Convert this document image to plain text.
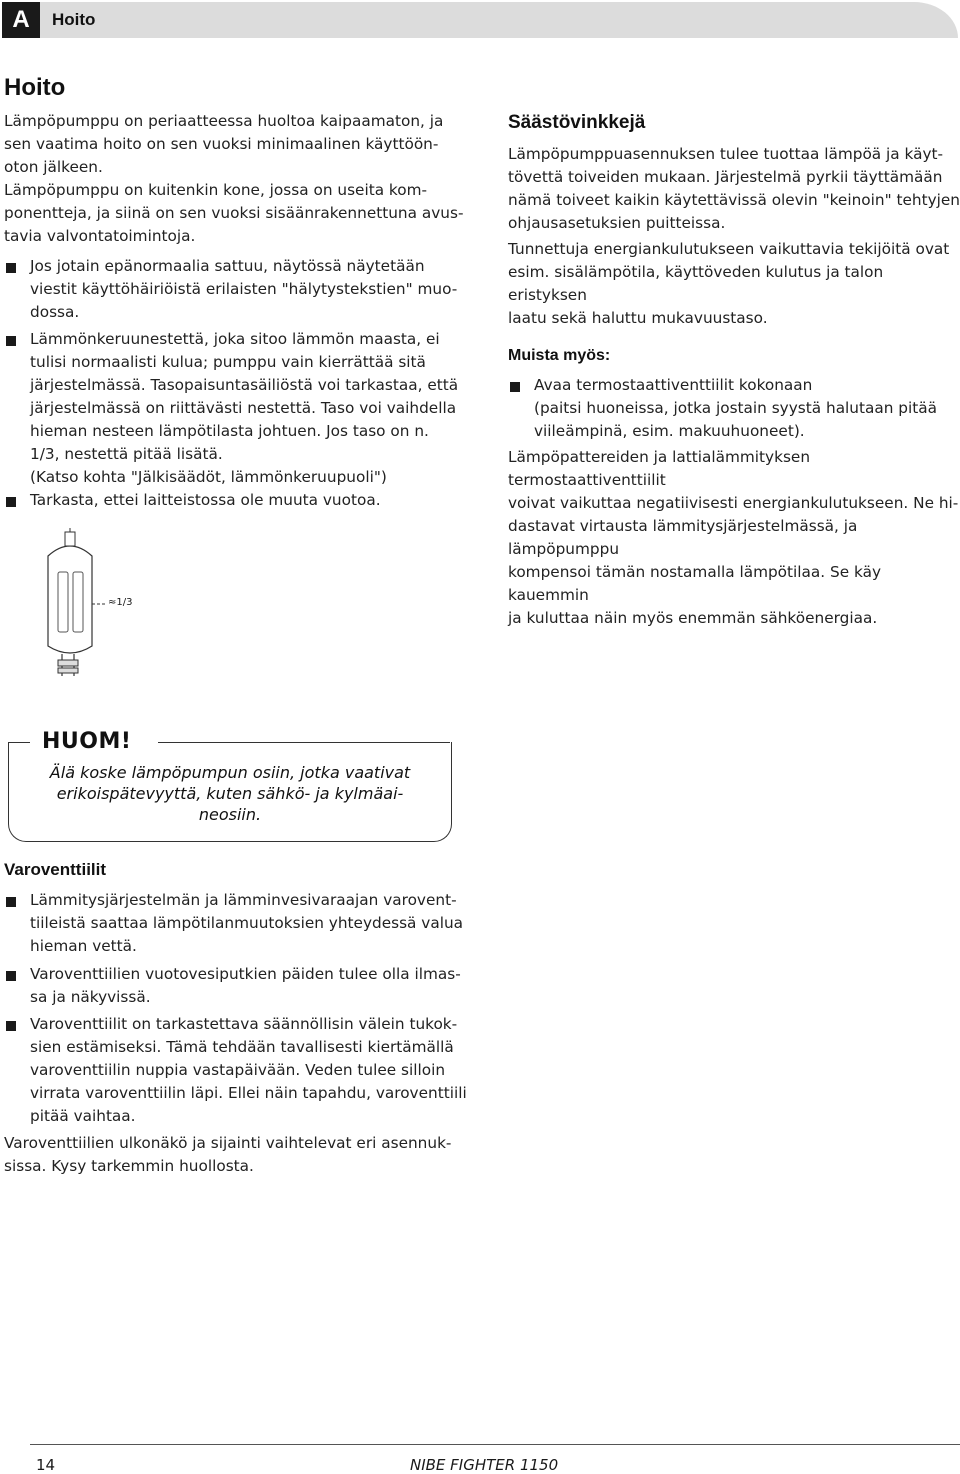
A	Hoito
Hoito
Lämpöpumppu on periaatteessa huoltoa kaipaamaton, ja
sen vaatima hoito on sen vuoksi minimaalinen käyttöön-
oton jälkeen.
Lämpöpumppu on kuitenkin kone, jossa on useita kom-
ponentteja, ja siinä on sen vuoksi sisäänrakennettuna avus-
tavia valvontatoimintoja.
Jos jotain epänormaalia sattuu, näytössä näytetään
viestit käyttöhäiriöistä erilaisten "hälytystekstien" muo-
dossa.
Lämmönkeruunestettä, joka sitoo lämmön maasta, ei
tulisi normaalisti kulua; pumppu vain kierrättää sitä
järjestelmässä. Tasopaisuntasäiliöstä voi tarkastaa, että
järjestelmässä on riittävästi nestettä. Taso voi vaihdella
hieman nesteen lämpötilasta johtuen. Jos taso on n.
1/3, nestettä pitää lisätä.
(Katso kohta "Jälkisäädöt, lämmönkeruupuoli")
Tarkasta, ettei laitteistossa ole muuta vuotoa.
≈1/3
HUOM!
Älä koske lämpöpumpun osiin, jotka vaativat
erikoispätevyyttä, kuten sähkö- ja kylmäai-
neosiin.
Varoventtiilit
Lämmitysjärjestelmän ja lämminvesivaraajan varovent-
tiileistä saattaa lämpötilanmuutoksien yhteydessä valua
hieman vettä.
Varoventtiilien vuotovesiputkien päiden tulee olla ilmas-
sa ja näkyvissä.
Varoventtiilit on tarkastettava säännöllisin välein tukok-
sien estämiseksi. Tämä tehdään tavallisesti kiertämällä
varoventtiilin nuppia vastapäivään. Veden tulee silloin
virrata varoventtiilin läpi. Ellei näin tapahdu, varoventtiili
pitää vaihtaa.
Varoventtiilien ulkonäkö ja sijainti vaihtelevat eri asennuk-
sissa. Kysy tarkemmin huollosta.
Säästövinkkejä
Lämpöpumppuasennuksen tulee tuottaa lämpöä ja käyt-
tövettä toiveiden mukaan. Järjestelmä pyrkii täyttämään
nämä toiveet kaikin käytettävissä olevin "keinoin" tehtyjen
ohjausasetuksien puitteissa.
Tunnettuja energiankulutukseen vaikuttavia tekijöitä ovat
esim. sisälämpötila, käyttöveden kulutus ja talon eristyksen
laatu sekä haluttu mukavuustaso.
Muista myös:
Avaa termostaattiventtiilit kokonaan
(paitsi huoneissa, jotka jostain syystä halutaan pitää
viileämpinä, esim. makuuhuoneet).
Lämpöpattereiden ja lattialämmityksen termostaattiventtiilit
voivat vaikuttaa negatiivisesti energiankulutukseen. Ne hi-
dastavat virtausta lämmitysjärjestelmässä, ja lämpöpumppu
kompensoi tämän nostamalla lämpötilaa. Se käy kauemmin
ja kuluttaa näin myös enemmän sähköenergiaa.
14	NIBE FIGHTER 1150
